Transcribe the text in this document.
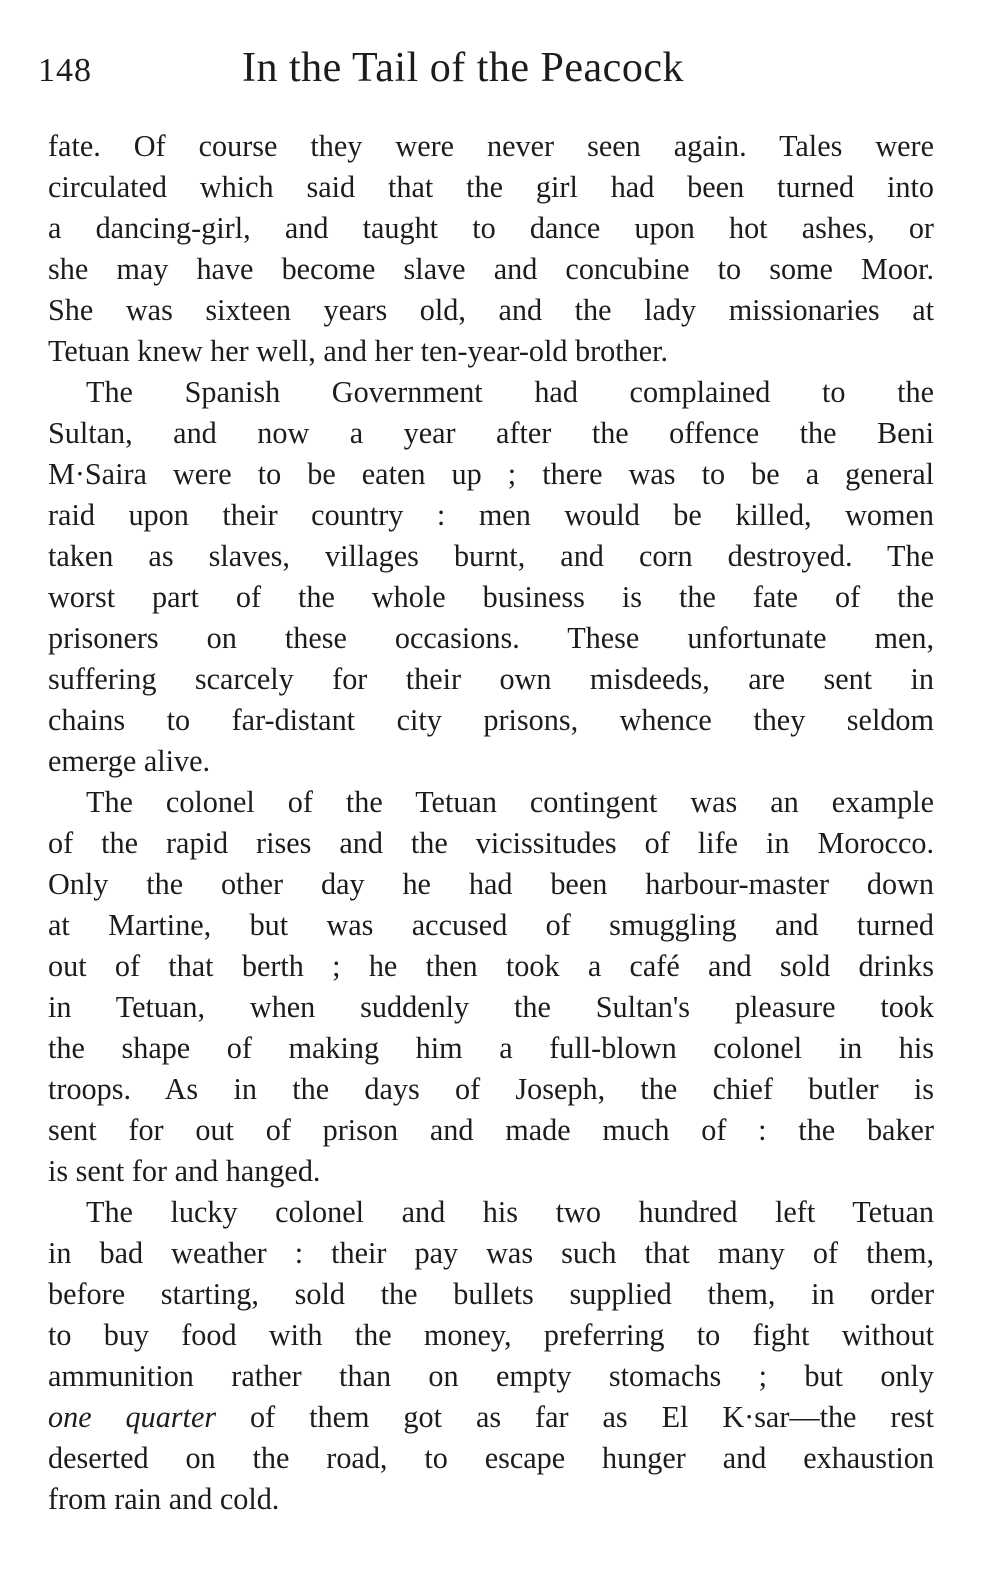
148	In the Tail of the Peacock

fate. Of course they were never seen again. Tales were
circulated which said that the girl had been turned into
a dancing-girl, and taught to dance upon hot ashes, or
she may have become slave and concubine to some Moor.
She was sixteen years old, and the lady missionaries at
Tetuan knew her well, and her ten-year-old brother.

The Spanish Government had complained to the
Sultan, and now a year after the offence the Beni
M·Saira were to be eaten up ; there was to be a general
raid upon their country : men would be killed, women
taken as slaves, villages burnt, and corn destroyed. The
worst part of the whole business is the fate of the
prisoners on these occasions. These unfortunate men,
suffering scarcely for their own misdeeds, are sent in
chains to far-distant city prisons, whence they seldom
emerge alive.

The colonel of the Tetuan contingent was an example
of the rapid rises and the vicissitudes of life in Morocco.
Only the other day he had been harbour-master down
at Martine, but was accused of smuggling and turned
out of that berth ; he then took a café and sold drinks
in Tetuan, when suddenly the Sultan's pleasure took
the shape of making him a full-blown colonel in his
troops. As in the days of Joseph, the chief butler is
sent for out of prison and made much of : the baker
is sent for and hanged.

The lucky colonel and his two hundred left Tetuan
in bad weather : their pay was such that many of them,
before starting, sold the bullets supplied them, in order
to buy food with the money, preferring to fight without
ammunition rather than on empty stomachs ; but only
one quarter of them got as far as El K·sar—the rest
deserted on the road, to escape hunger and exhaustion
from rain and cold.
